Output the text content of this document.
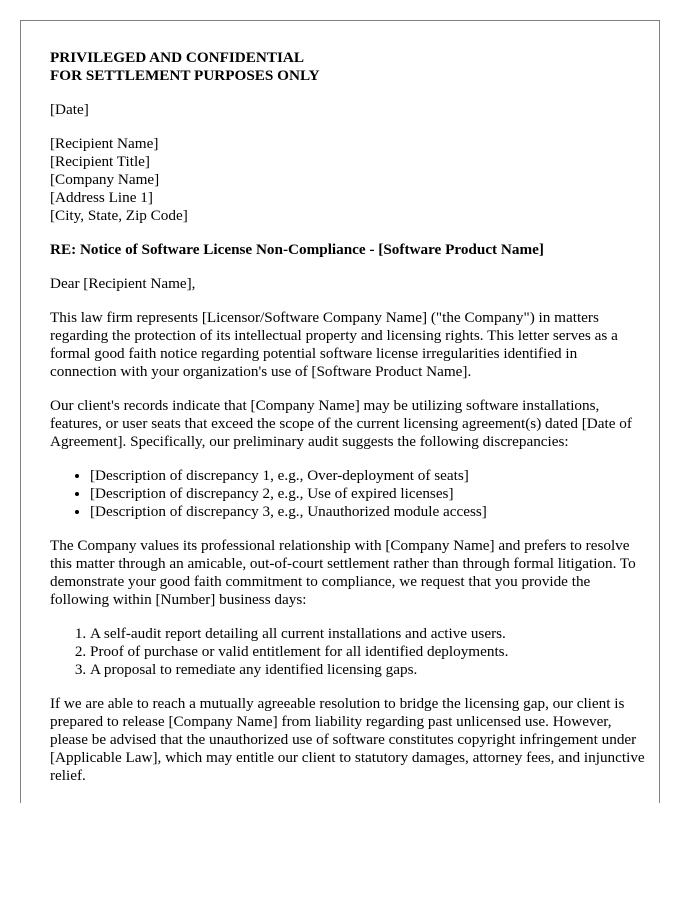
PRIVILEGED AND CONFIDENTIAL
FOR SETTLEMENT PURPOSES ONLY

[Date]

[Recipient Name]
[Recipient Title]
[Company Name]
[Address Line 1]
[City, State, Zip Code]
RE: Notice of Software License Non-Compliance - [Software Product Name]

Dear [Recipient Name],

This law firm represents [Licensor/Software Company Name] ("the Company") in matters regarding the protection of its intellectual property and licensing rights. This letter serves as a formal good faith notice regarding potential software license irregularities identified in connection with your organization's use of [Software Product Name].

Our client's records indicate that [Company Name] may be utilizing software installations, features, or user seats that exceed the scope of the current licensing agreement(s) dated [Date of Agreement]. Specifically, our preliminary audit suggests the following discrepancies:

• [Description of discrepancy 1, e.g., Over-deployment of seats]
• [Description of discrepancy 2, e.g., Use of expired licenses]
• [Description of discrepancy 3, e.g., Unauthorized module access]

The Company values its professional relationship with [Company Name] and prefers to resolve this matter through an amicable, out-of-court settlement rather than through formal litigation. To demonstrate your good faith commitment to compliance, we request that you provide the following within [Number] business days:

1. A self-audit report detailing all current installations and active users.
2. Proof of purchase or valid entitlement for all identified deployments.
3. A proposal to remediate any identified licensing gaps.

If we are able to reach a mutually agreeable resolution to bridge the licensing gap, our client is prepared to release [Company Name] from liability regarding past unlicensed use. However, please be advised that the unauthorized use of software constitutes copyright infringement under [Applicable Law], which may entitle our client to statutory damages, attorney fees, and injunctive relief.
